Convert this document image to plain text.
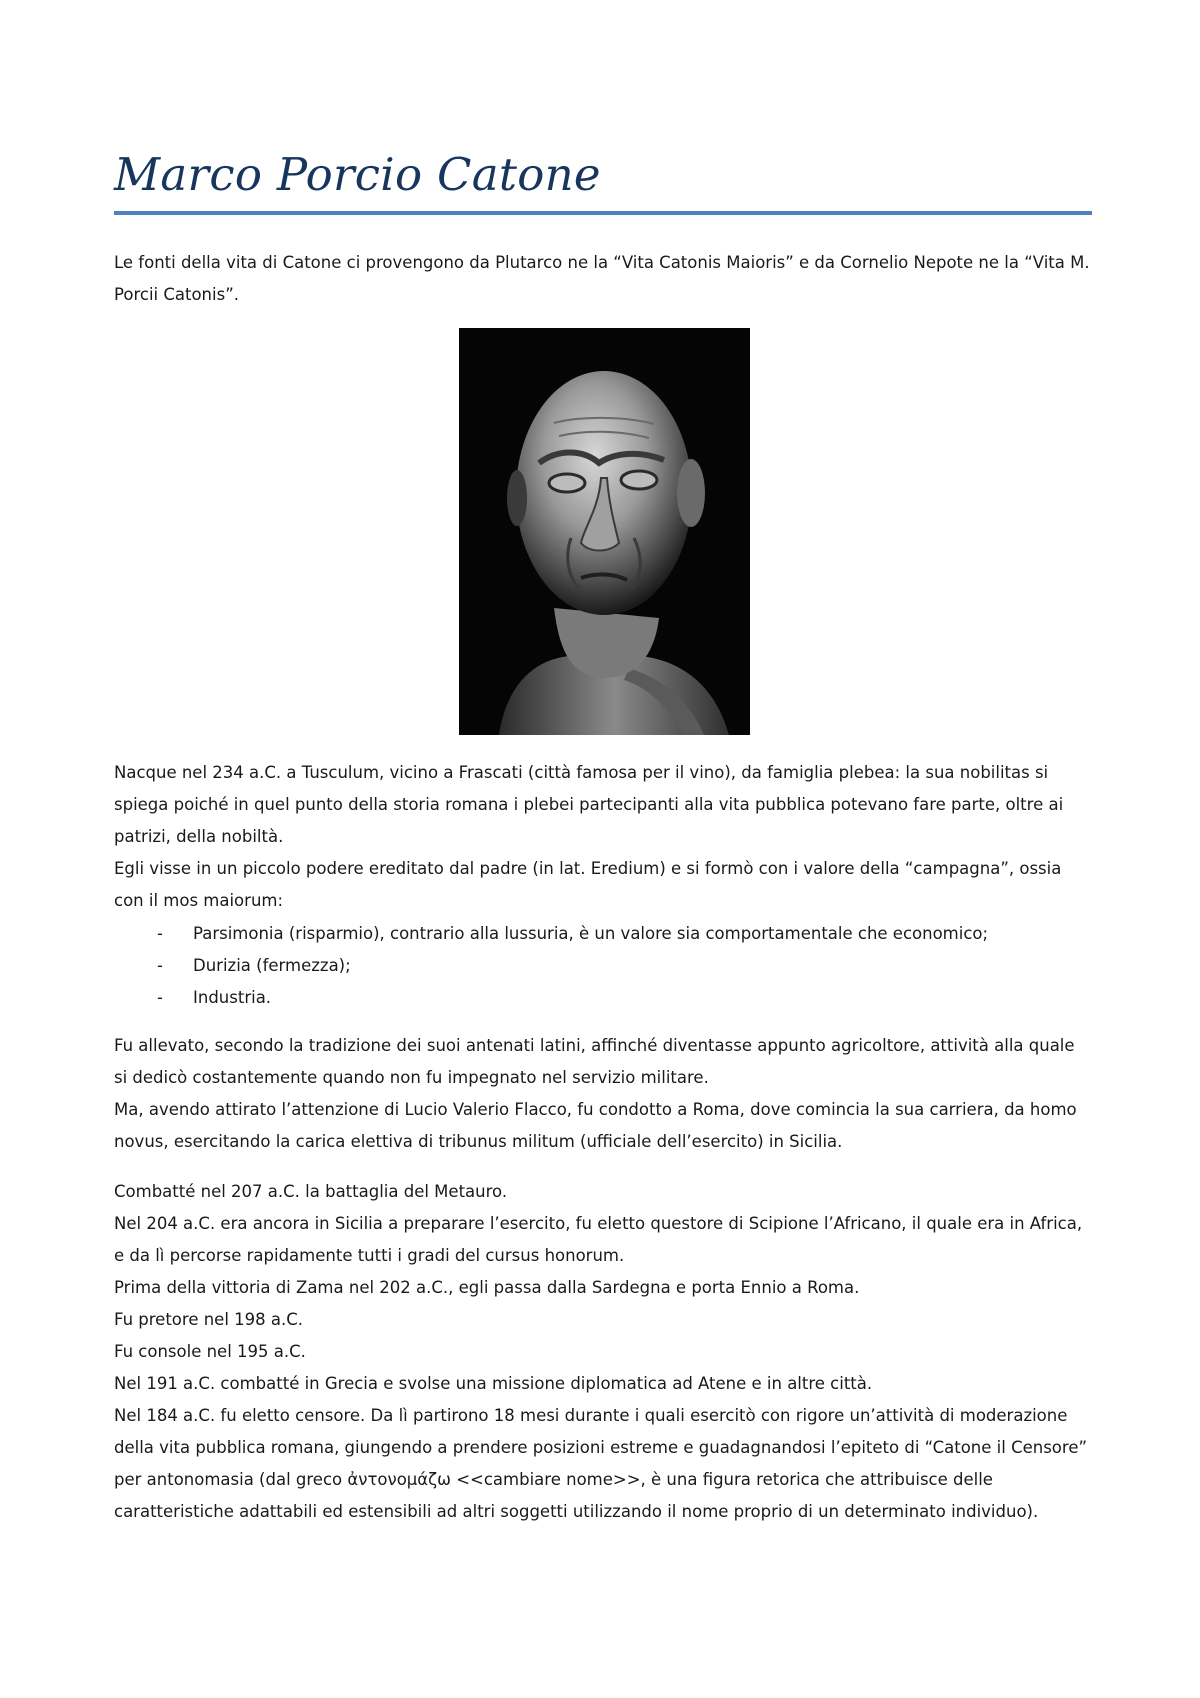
Marco Porcio Catone

Le fonti della vita di Catone ci provengono da Plutarco ne la “Vita Catonis Maioris” e da Cornelio Nepote ne la “Vita M. Porcii Catonis”.

Nacque nel 234 a.C. a Tusculum, vicino a Frascati (città famosa per il vino), da famiglia plebea: la sua nobilitas si spiega poiché in quel punto della storia romana i plebei partecipanti alla vita pubblica potevano fare parte, oltre ai patrizi, della nobiltà.

Egli visse in un piccolo podere ereditato dal padre (in lat. Eredium) e si formò con i valore della “campagna”, ossia con il mos maiorum:

- Parsimonia (risparmio), contrario alla lussuria, è un valore sia comportamentale che economico;
- Durizia (fermezza);
- Industria.

Fu allevato, secondo la tradizione dei suoi antenati latini, affinché diventasse appunto agricoltore, attività alla quale si dedicò costantemente quando non fu impegnato nel servizio militare.

Ma, avendo attirato l’attenzione di Lucio Valerio Flacco, fu condotto a Roma, dove comincia la sua carriera, da homo novus, esercitando la carica elettiva di tribunus militum (ufficiale dell’esercito) in Sicilia.

Combatté nel 207 a.C. la battaglia del Metauro.

Nel 204 a.C. era ancora in Sicilia a preparare l’esercito, fu eletto questore di Scipione l’Africano, il quale era in Africa, e da lì percorse rapidamente tutti i gradi del cursus honorum.

Prima della vittoria di Zama nel 202 a.C., egli passa dalla Sardegna e porta Ennio a Roma.

Fu pretore nel 198 a.C.

Fu console nel 195 a.C.

Nel 191 a.C. combatté in Grecia e svolse una missione diplomatica ad Atene e in altre città.

Nel 184 a.C. fu eletto censore. Da lì partirono 18 mesi durante i quali esercitò con rigore un’attività di moderazione della vita pubblica romana, giungendo a prendere posizioni estreme e guadagnandosi l’epiteto di “Catone il Censore” per antonomasia (dal greco ἀντονομάζω <<cambiare nome>>, è una figura retorica che attribuisce delle caratteristiche adattabili ed estensibili ad altri soggetti utilizzando il nome proprio di un determinato individuo).
